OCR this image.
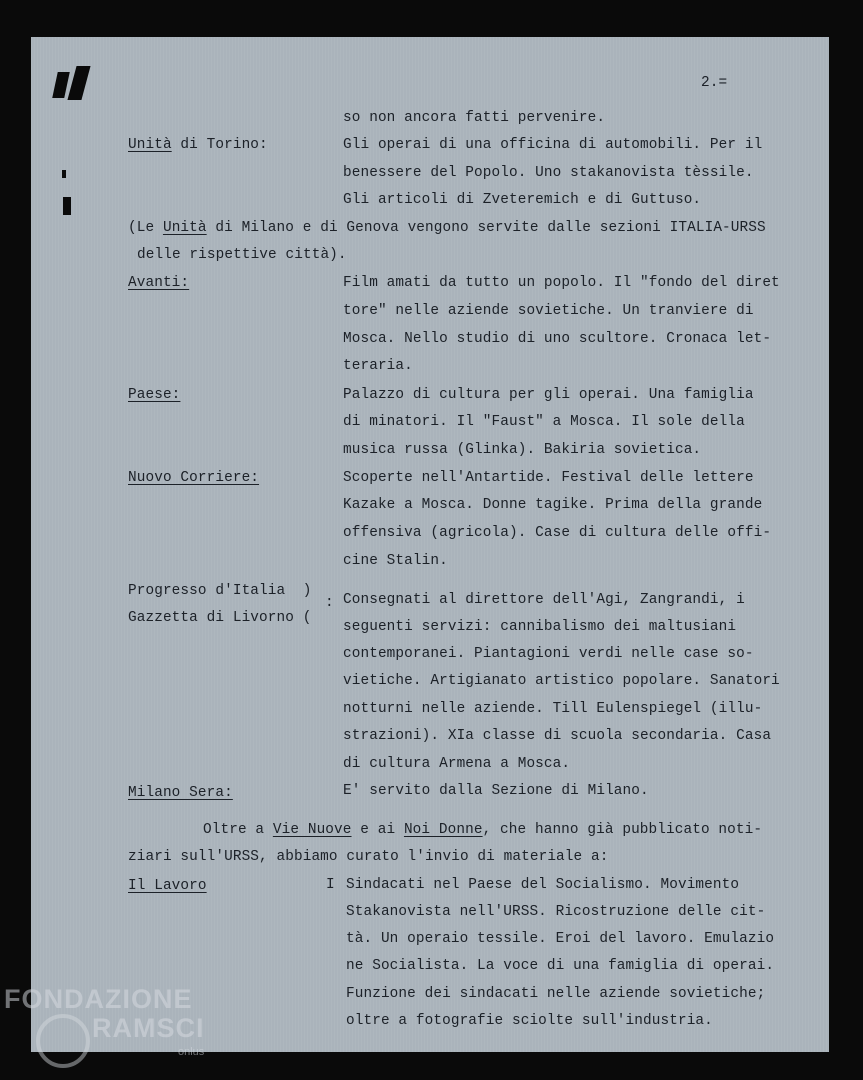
2.=

so non ancora fatti pervenire.

Unità di Torino:	Gli operai di una officina di automobili. Per il

benessere del Popolo. Uno stakanovista tèssile.

Gli articoli di Zveteremich e di Guttuso.

(Le Unità di Milano e di Genova vengono servite dalle sezioni ITALIA-URSS

delle rispettive città).

Avanti:	Film amati da tutto un popolo. Il "fondo del diret

tore" nelle aziende sovietiche. Un tranviere di

Mosca. Nello studio di uno scultore. Cronaca let-

teraria.

Paese:	Palazzo di cultura per gli operai. Una famiglia

di minatori. Il "Faust" a Mosca. Il sole della

musica russa (Glinka). Bakiria sovietica.

Nuovo Corriere:	Scoperte nell'Antartide. Festival delle lettere

Kazake a Mosca. Donne tagike. Prima della grande

offensiva (agricola). Case di cultura delle offi-

cine Stalin.

Progresso d'Italia  )

Gazzetta di Livorno (

: Consegnati al direttore dell'Agi, Zangrandi, i

seguenti servizi: cannibalismo dei maltusiani

contemporanei. Piantagioni verdi nelle case so-

vietiche. Artigianato artistico popolare. Sanatori

notturni nelle aziende. Till Eulenspiegel (illu-

strazioni). XIa classe di scuola secondaria. Casa

di cultura Armena a Mosca.

Milano Sera:	E' servito dalla Sezione di Milano.

Oltre a Vie Nuove e ai Noi Donne, che hanno già pubblicato noti-

ziari sull'URSS, abbiamo curato l'invio di materiale a:

Il Lavoro	I Sindacati nel Paese del Socialismo. Movimento

Stakanovista nell'URSS. Ricostruzione delle cit-

tà. Un operaio tessile. Eroi del lavoro. Emulazio

ne Socialista. La voce di una famiglia di operai.

Funzione dei sindacati nelle aziende sovietiche;

oltre a fotografie sciolte sull'industria.

FONDAZIONE
RAMSCI
onlus
